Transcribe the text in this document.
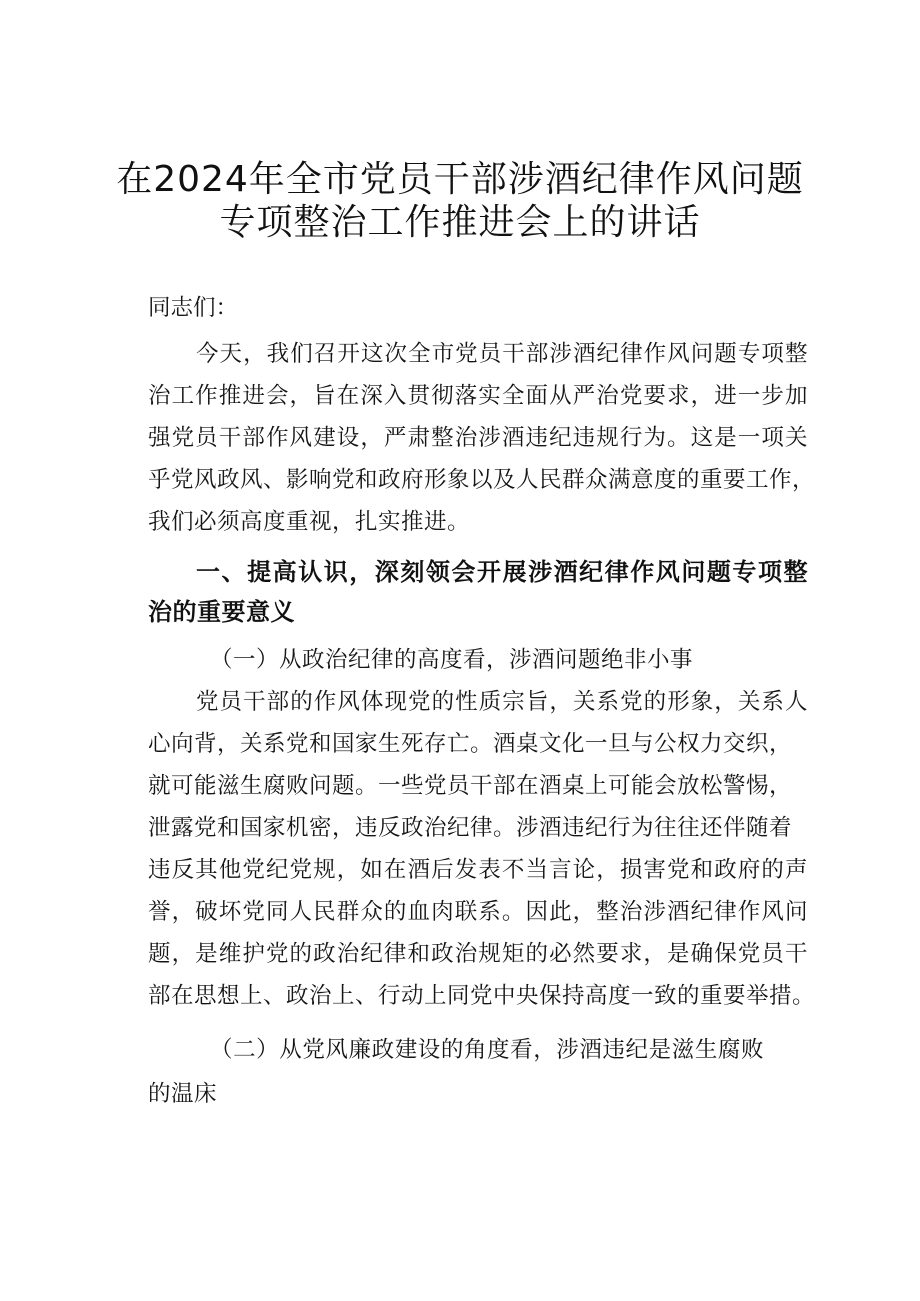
在2024年全市党员干部涉酒纪律作风问题
专项整治工作推进会上的讲话
同志们：
今天，我们召开这次全市党员干部涉酒纪律作风问题专项整
治工作推进会，旨在深入贯彻落实全面从严治党要求，进一步加
强党员干部作风建设，严肃整治涉酒违纪违规行为。这是一项关
乎党风政风、影响党和政府形象以及人民群众满意度的重要工作，
我们必须高度重视，扎实推进。
一、提高认识，深刻领会开展涉酒纪律作风问题专项整
治的重要意义
（一）从政治纪律的高度看，涉酒问题绝非小事
党员干部的作风体现党的性质宗旨，关系党的形象，关系人
心向背，关系党和国家生死存亡。酒桌文化一旦与公权力交织，
就可能滋生腐败问题。一些党员干部在酒桌上可能会放松警惕，
泄露党和国家机密，违反政治纪律。涉酒违纪行为往往还伴随着
违反其他党纪党规，如在酒后发表不当言论，损害党和政府的声
誉，破坏党同人民群众的血肉联系。因此，整治涉酒纪律作风问
题，是维护党的政治纪律和政治规矩的必然要求，是确保党员干
部在思想上、政治上、行动上同党中央保持高度一致的重要举措。
（二）从党风廉政建设的角度看，涉酒违纪是滋生腐败
的温床
